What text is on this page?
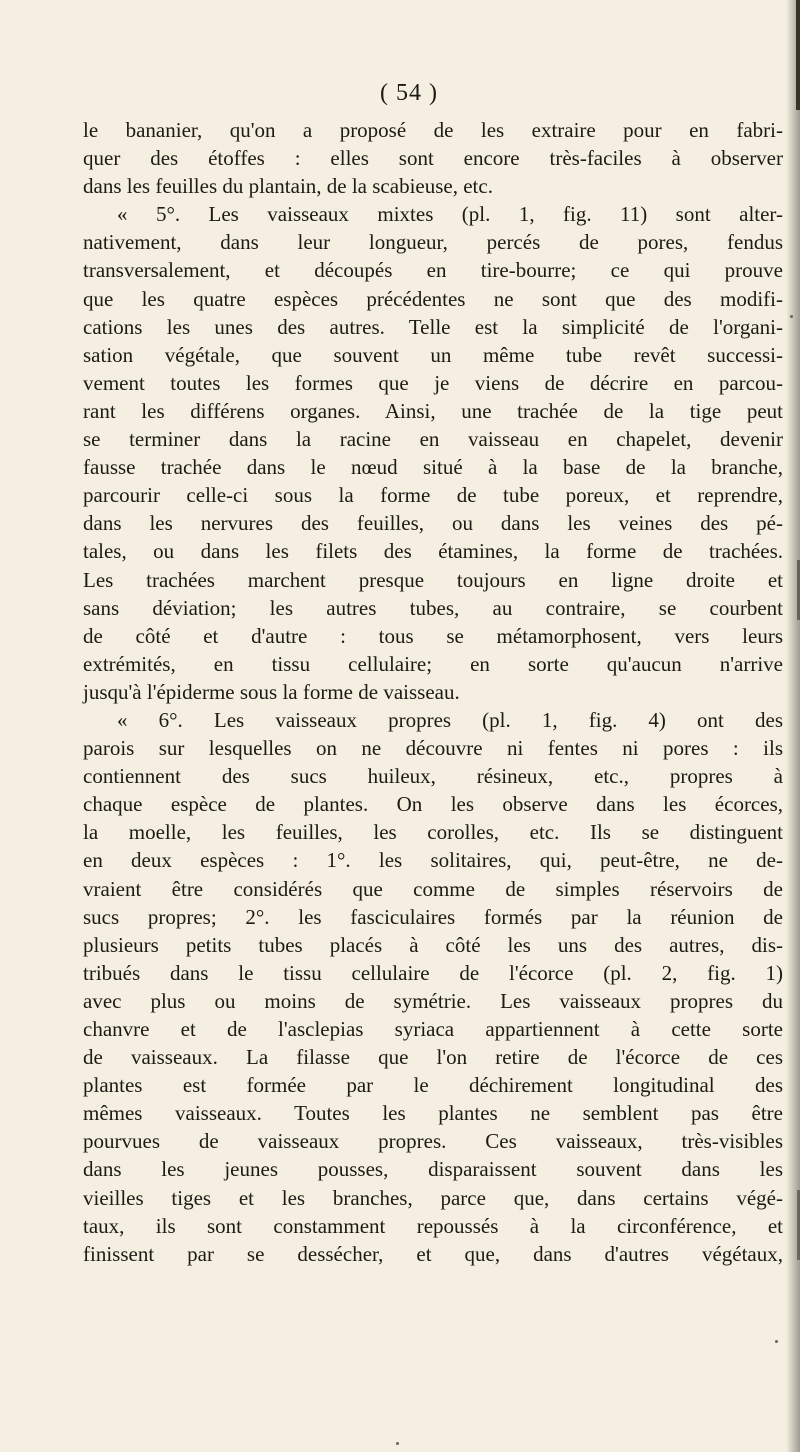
( 54 )
le bananier, qu'on a proposé de les extraire pour en fabri-
quer des étoffes : elles sont encore très-faciles à observer
dans les feuilles du plantain, de la scabieuse, etc.
« 5°. Les vaisseaux mixtes (pl. 1, fig. 11) sont alter-
nativement, dans leur longueur, percés de pores, fendus
transversalement, et découpés en tire-bourre; ce qui prouve
que les quatre espèces précédentes ne sont que des modifi-
cations les unes des autres. Telle est la simplicité de l'organi-
sation végétale, que souvent un même tube revêt successi-
vement toutes les formes que je viens de décrire en parcou-
rant les différens organes. Ainsi, une trachée de la tige peut
se terminer dans la racine en vaisseau en chapelet, devenir
fausse trachée dans le nœud situé à la base de la branche,
parcourir celle-ci sous la forme de tube poreux, et reprendre,
dans les nervures des feuilles, ou dans les veines des pé-
tales, ou dans les filets des étamines, la forme de trachées.
Les trachées marchent presque toujours en ligne droite et
sans déviation; les autres tubes, au contraire, se courbent
de côté et d'autre : tous se métamorphosent, vers leurs
extrémités, en tissu cellulaire; en sorte qu'aucun n'arrive
jusqu'à l'épiderme sous la forme de vaisseau.
« 6°. Les vaisseaux propres (pl. 1, fig. 4) ont des
parois sur lesquelles on ne découvre ni fentes ni pores : ils
contiennent des sucs huileux, résineux, etc., propres à
chaque espèce de plantes. On les observe dans les écorces,
la moelle, les feuilles, les corolles, etc. Ils se distinguent
en deux espèces : 1°. les solitaires, qui, peut-être, ne de-
vraient être considérés que comme de simples réservoirs de
sucs propres; 2°. les fasciculaires formés par la réunion de
plusieurs petits tubes placés à côté les uns des autres, dis-
tribués dans le tissu cellulaire de l'écorce (pl. 2, fig. 1)
avec plus ou moins de symétrie. Les vaisseaux propres du
chanvre et de l'asclepias syriaca appartiennent à cette sorte
de vaisseaux. La filasse que l'on retire de l'écorce de ces
plantes est formée par le déchirement longitudinal des
mêmes vaisseaux. Toutes les plantes ne semblent pas être
pourvues de vaisseaux propres. Ces vaisseaux, très-visibles
dans les jeunes pousses, disparaissent souvent dans les
vieilles tiges et les branches, parce que, dans certains végé-
taux, ils sont constamment repoussés à la circonférence, et
finissent par se dessécher, et que, dans d'autres végétaux,
